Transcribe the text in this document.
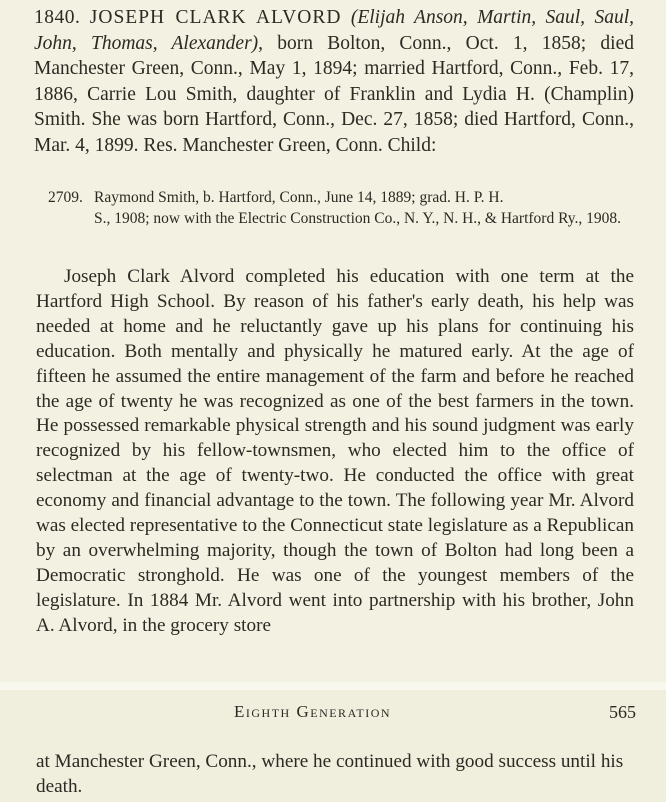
1840. JOSEPH CLARK ALVORD (Elijah Anson, Martin, Saul, Saul, John, Thomas, Alexander), born Bolton, Conn., Oct. 1, 1858; died Manchester Green, Conn., May 1, 1894; married Hartford, Conn., Feb. 17, 1886, Carrie Lou Smith, daughter of Franklin and Lydia H. (Champlin) Smith. She was born Hartford, Conn., Dec. 27, 1858; died Hartford, Conn., Mar. 4, 1899. Res. Manchester Green, Conn. Child:
2709. Raymond Smith, b. Hartford, Conn., June 14, 1889; grad. H. P. H.
S., 1908; now with the Electric Construction Co., N. Y., N. H., & Hartford Ry., 1908.
Joseph Clark Alvord completed his education with one term at the Hartford High School. By reason of his father's early death, his help was needed at home and he reluctantly gave up his plans for continuing his education. Both mentally and physically he matured early. At the age of fifteen he assumed the entire management of the farm and before he reached the age of twenty he was recognized as one of the best farmers in the town. He possessed remarkable physical strength and his sound judgment was early recognized by his fellow-townsmen, who elected him to the office of selectman at the age of twenty-two. He conducted the office with great economy and financial advantage to the town. The following year Mr. Alvord was elected representative to the Connecticut state legislature as a Republican by an overwhelming majority, though the town of Bolton had long been a Democratic stronghold. He was one of the youngest members of the legislature. In 1884 Mr. Alvord went into partnership with his brother, John A. Alvord, in the grocery store
Eighth Generation	565
at Manchester Green, Conn., where he continued with good success until his death.
